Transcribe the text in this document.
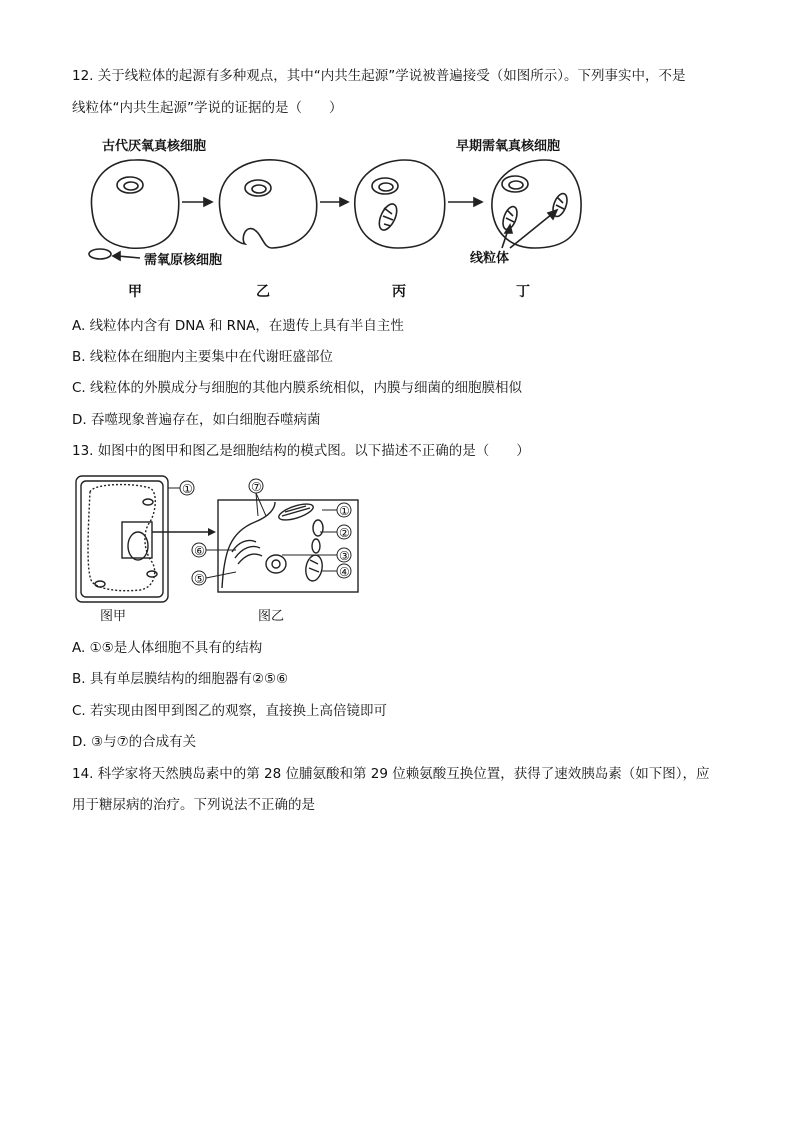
12. 关于线粒体的起源有多种观点，其中“内共生起源”学说被普遍接受（如图所示）。下列事实中，不是
线粒体“内共生起源”学说的证据的是（　　）
古代厌氧真核细胞	早期需氧真核细胞
需氧原核细胞	线粒体
甲	乙	丙	丁
A. 线粒体内含有 DNA 和 RNA，在遗传上具有半自主性
B. 线粒体在细胞内主要集中在代谢旺盛部位
C. 线粒体的外膜成分与细胞的其他内膜系统相似，内膜与细菌的细胞膜相似
D. 吞噬现象普遍存在，如白细胞吞噬病菌
13. 如图中的图甲和图乙是细胞结构的模式图。以下描述不正确的是（　　）
①	⑦
①
②
③
④
⑤
⑥
图甲	图乙
A. ①⑤是人体细胞不具有的结构
B. 具有单层膜结构的细胞器有②⑤⑥
C. 若实现由图甲到图乙的观察，直接换上高倍镜即可
D. ③与⑦的合成有关
14. 科学家将天然胰岛素中的第 28 位脯氨酸和第 29 位赖氨酸互换位置，获得了速效胰岛素（如下图），应
用于糖尿病的治疗。下列说法不正确的是
